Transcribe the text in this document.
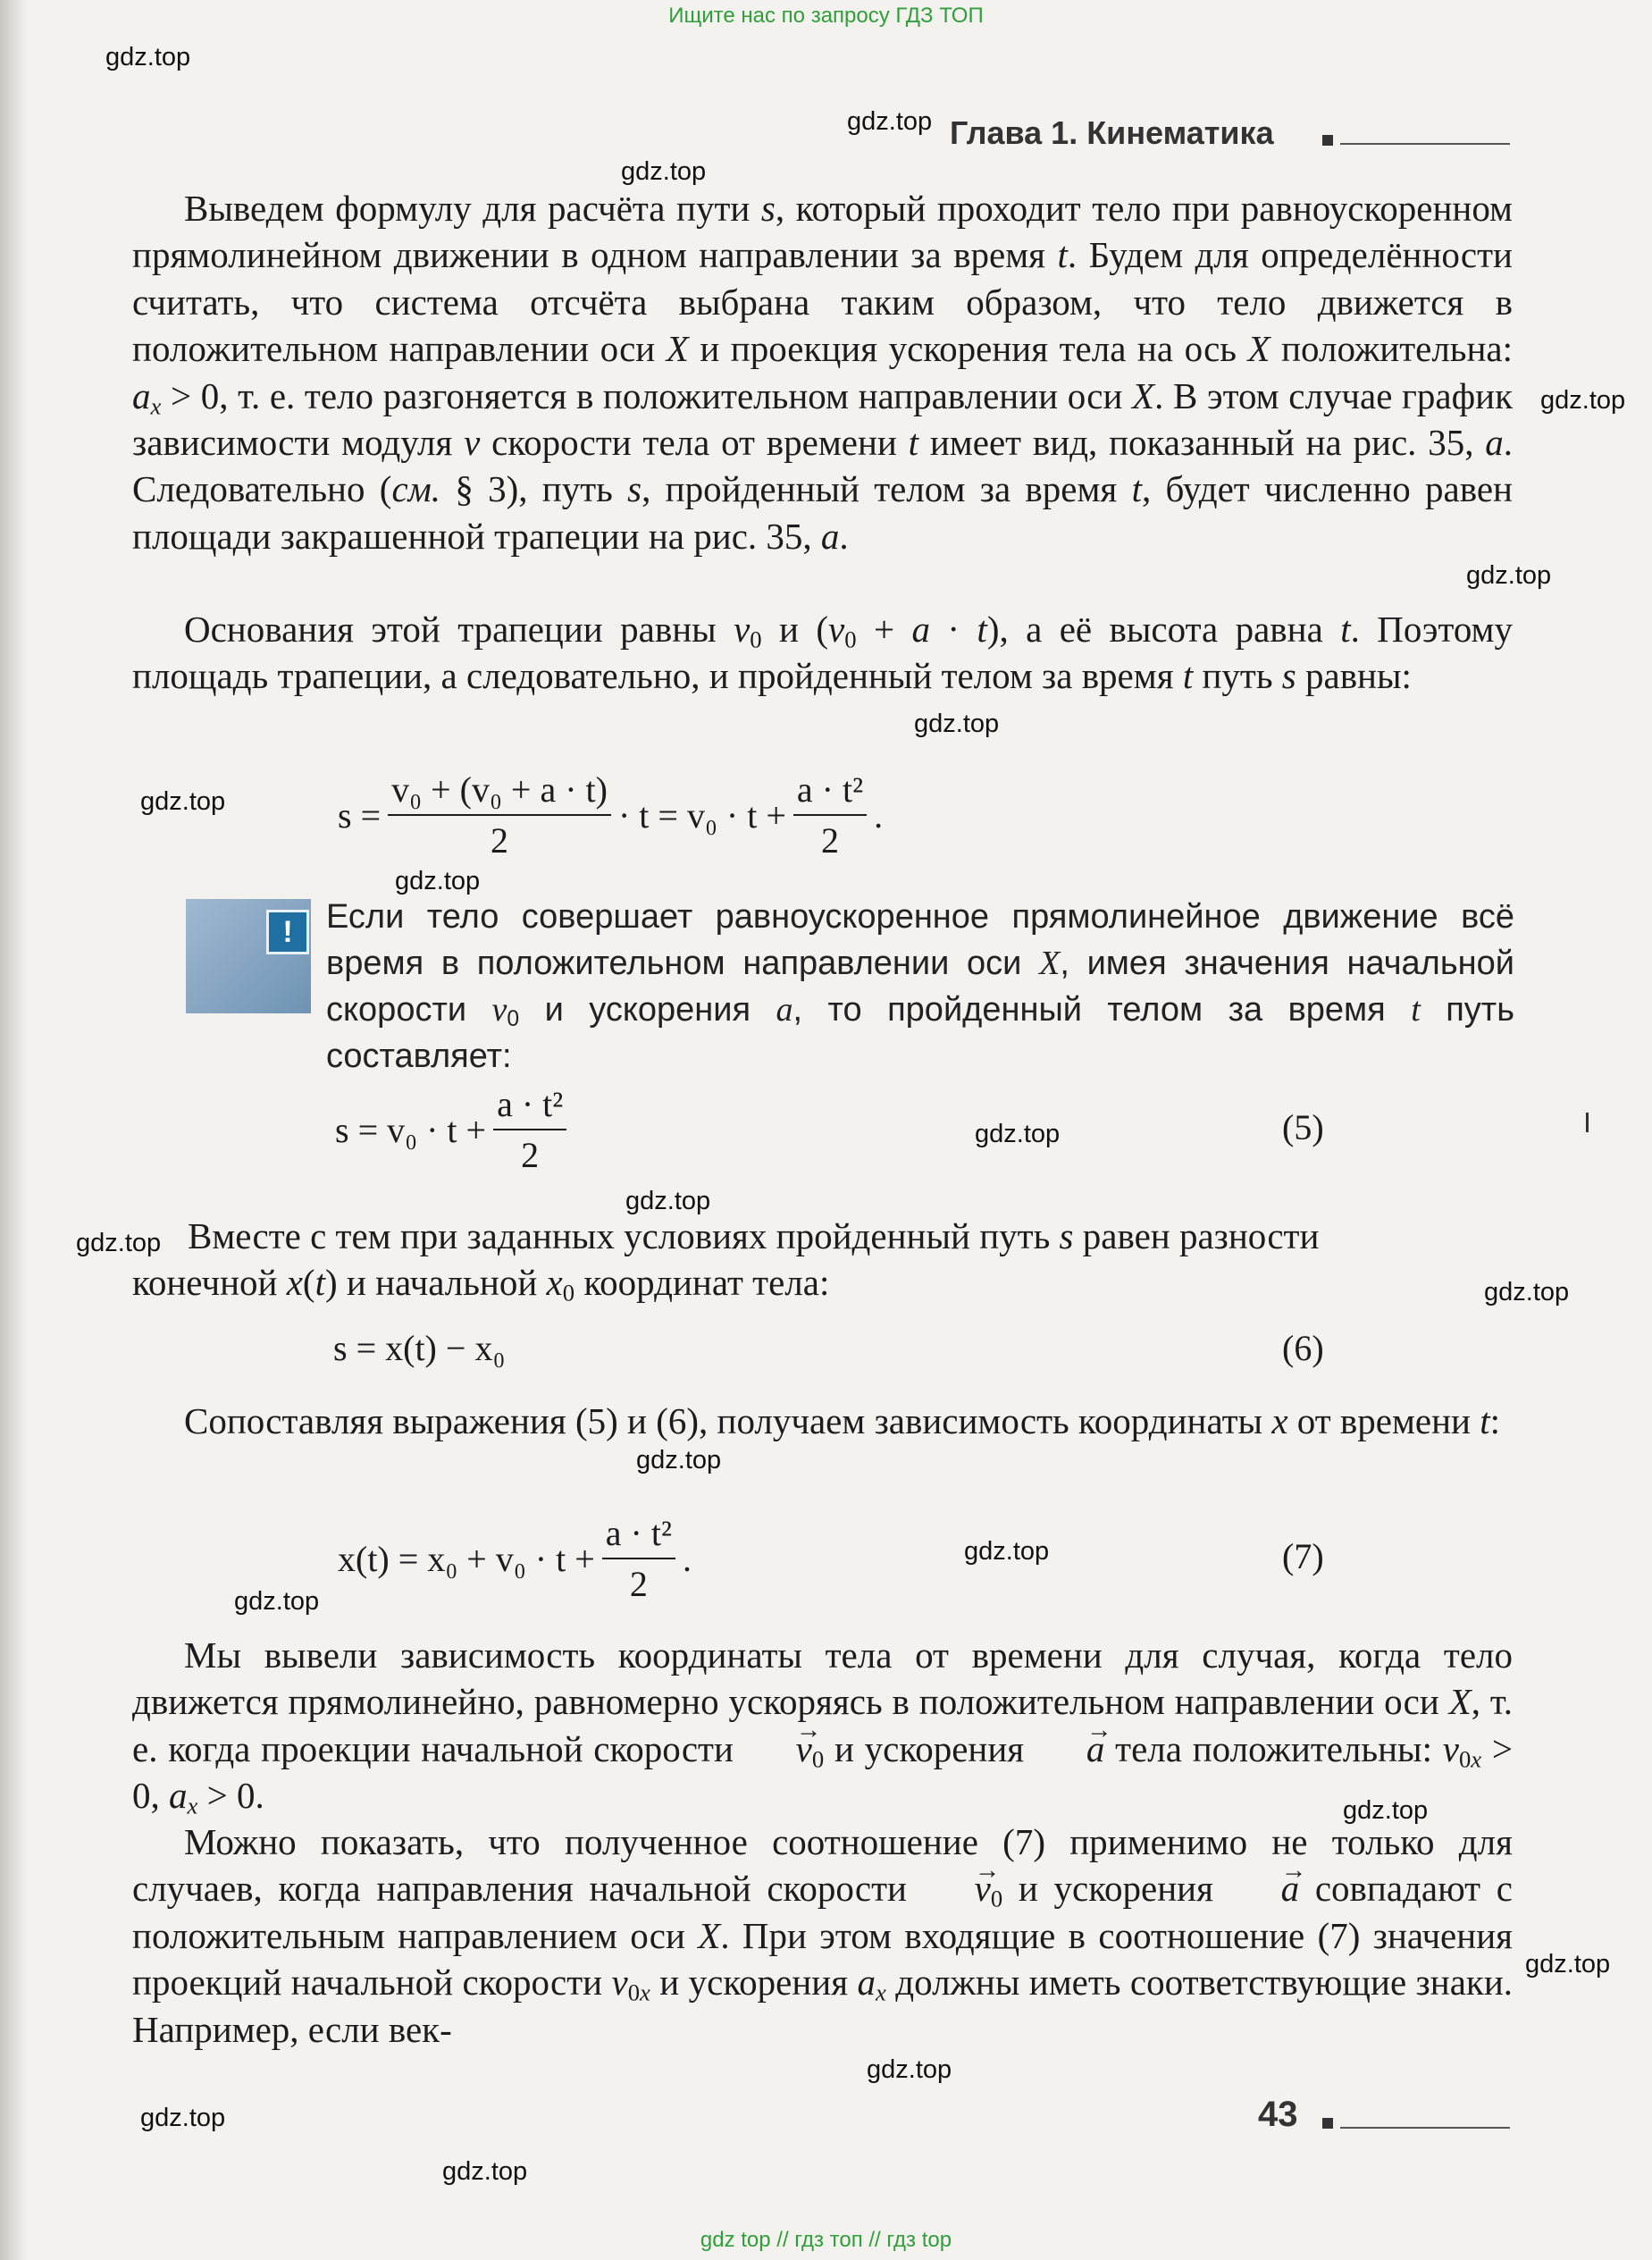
Ищите нас по запросу ГДЗ ТОП
Глава 1. Кинематика

Выведем формулу для расчёта пути s, который проходит тело при равноускоренном прямолинейном движении в одном направлении за время t. Будем для определённости считать, что система отсчёта выбрана таким образом, что тело движется в положительном направлении оси X и проекция ускорения тела на ось X положительна: $a_x > 0$, т. е. тело разгоняется в положительном направлении оси X. В этом случае график зависимости модуля v скорости тела от времени t имеет вид, показанный на рис. 35, а. Следовательно (см. § 3), путь s, пройденный телом за время t, будет численно равен площади закрашенной трапеции на рис. 35, а.

Основания этой трапеции равны $v_0$ и $(v_0 + a \cdot t)$, а её высота равна t. Поэтому площадь трапеции, а следовательно, и пройденный телом за время t путь s равны:

$s = \frac{\text{v₀ + (v₀ + a · t)}}{2} \cdot t = v_0 \cdot t + \frac{\text{a · t²}}{2}$ .
! Если тело совершает равноускоренное прямолинейное движение всё время в положительном направлении оси X, имея значения начальной скорости $v_0$ и ускорения a, то пройденный телом за время t путь составляет:
$s = v_0 \cdot t + \frac{\text{a · t²}}{2}$	(5)

Вместе с тем при заданных условиях пройденный путь s равен разности

конечной x(t) и начальной $x_0$ координат тела:

s = x(t) − x₀	(6)

Сопоставляя выражения (5) и (6), получаем зависимость координаты x от времени t:

$x(t) = x_0 + v_0 \cdot t + \frac{\text{a · t²}}{2}$ .	(7)

Мы вывели зависимость координаты тела от времени для случая, когда тело движется прямолинейно, равномерно ускоряясь в положительном направлении оси X, т. е. когда проекции начальной скорости → $v_0$ и ускорения → a тела положительны: $v_{0x} > 0$, $a_x > 0$.

Можно показать, что полученное соотношение (7) применимо не только для случаев, когда направления начальной скорости → $v_0$ и ускорения → a совпадают с положительным направлением оси X. При этом входящие в соотношение (7) значения проекций начальной скорости $v_{0x}$ и ускорения $a_x$ должны иметь соответствующие знаки. Например, если век-

43
gdz.top
gdz.top
gdz.top
gdz.top
gdz.top
gdz.top
gdz.top
gdz.top
gdz.top
gdz.top
gdz.top
gdz.top
gdz.top
gdz.top
gdz.top
gdz.top
gdz.top
gdz.top
gdz.top
gdz.top
gdz top // гдз топ // гдз top
